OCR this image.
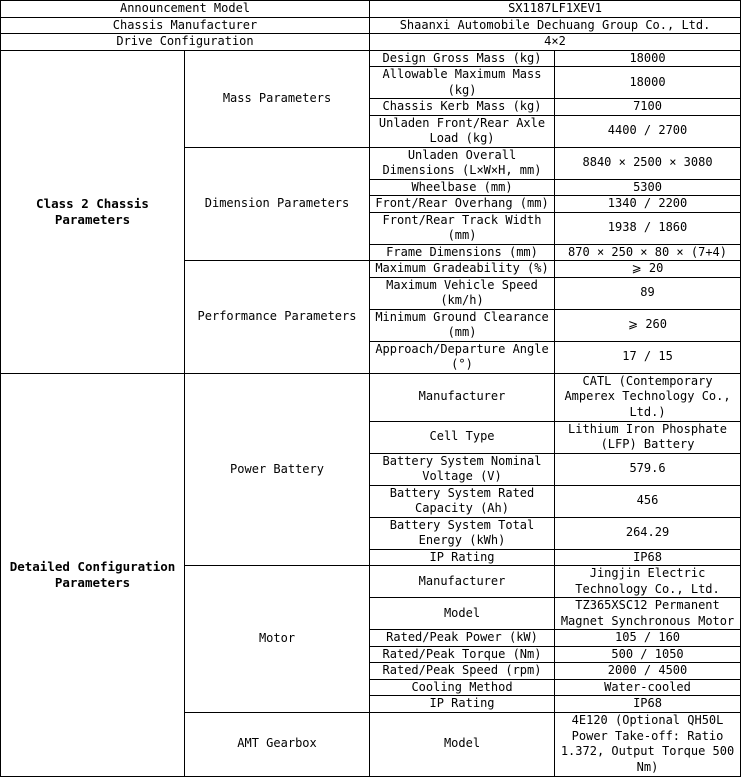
Announcement Model		SX1187LF1XEV1	
Chassis Manufacturer		Shaanxi Automobile Dechuang Group Co., Ltd.	
Drive Configuration		4×2	
Class 2 Chassis Parameters	Mass Parameters	Design Gross Mass (kg)	18000
		Allowable Maximum Mass (kg)	18000
		Chassis Kerb Mass (kg)	7100
		Unladen Front/Rear Axle Load (kg)	4400 / 2700
	Dimension Parameters	Unladen Overall Dimensions (L×W×H, mm)	8840 × 2500 × 3080
		Wheelbase (mm)	5300
		Front/Rear Overhang (mm)	1340 / 2200
		Front/Rear Track Width (mm)	1938 / 1860
		Frame Dimensions (mm)	870 × 250 × 80 × (7+4)
	Performance Parameters	Maximum Gradeability (%)	⩾ 20
		Maximum Vehicle Speed (km/h)	89
		Minimum Ground Clearance (mm)	⩾ 260
		Approach/Departure Angle (°)	17 / 15
Detailed Configuration Parameters	Power Battery	Manufacturer	CATL (Contemporary Amperex Technology Co., Ltd.)
		Cell Type	Lithium Iron Phosphate (LFP) Battery
		Battery System Nominal Voltage (V)	579.6
		Battery System Rated Capacity (Ah)	456
		Battery System Total Energy (kWh)	264.29
		IP Rating	IP68
	Motor	Manufacturer	Jingjin Electric Technology Co., Ltd.
		Model	TZ365XSC12 Permanent Magnet Synchronous Motor
		Rated/Peak Power (kW)	105 / 160
		Rated/Peak Torque (Nm)	500 / 1050
		Rated/Peak Speed (rpm)	2000 / 4500
		Cooling Method	Water-cooled
		IP Rating	IP68
	AMT Gearbox	Model	4E120 (Optional QH50L Power Take-off: Ratio 1.372, Output Torque 500 Nm)
